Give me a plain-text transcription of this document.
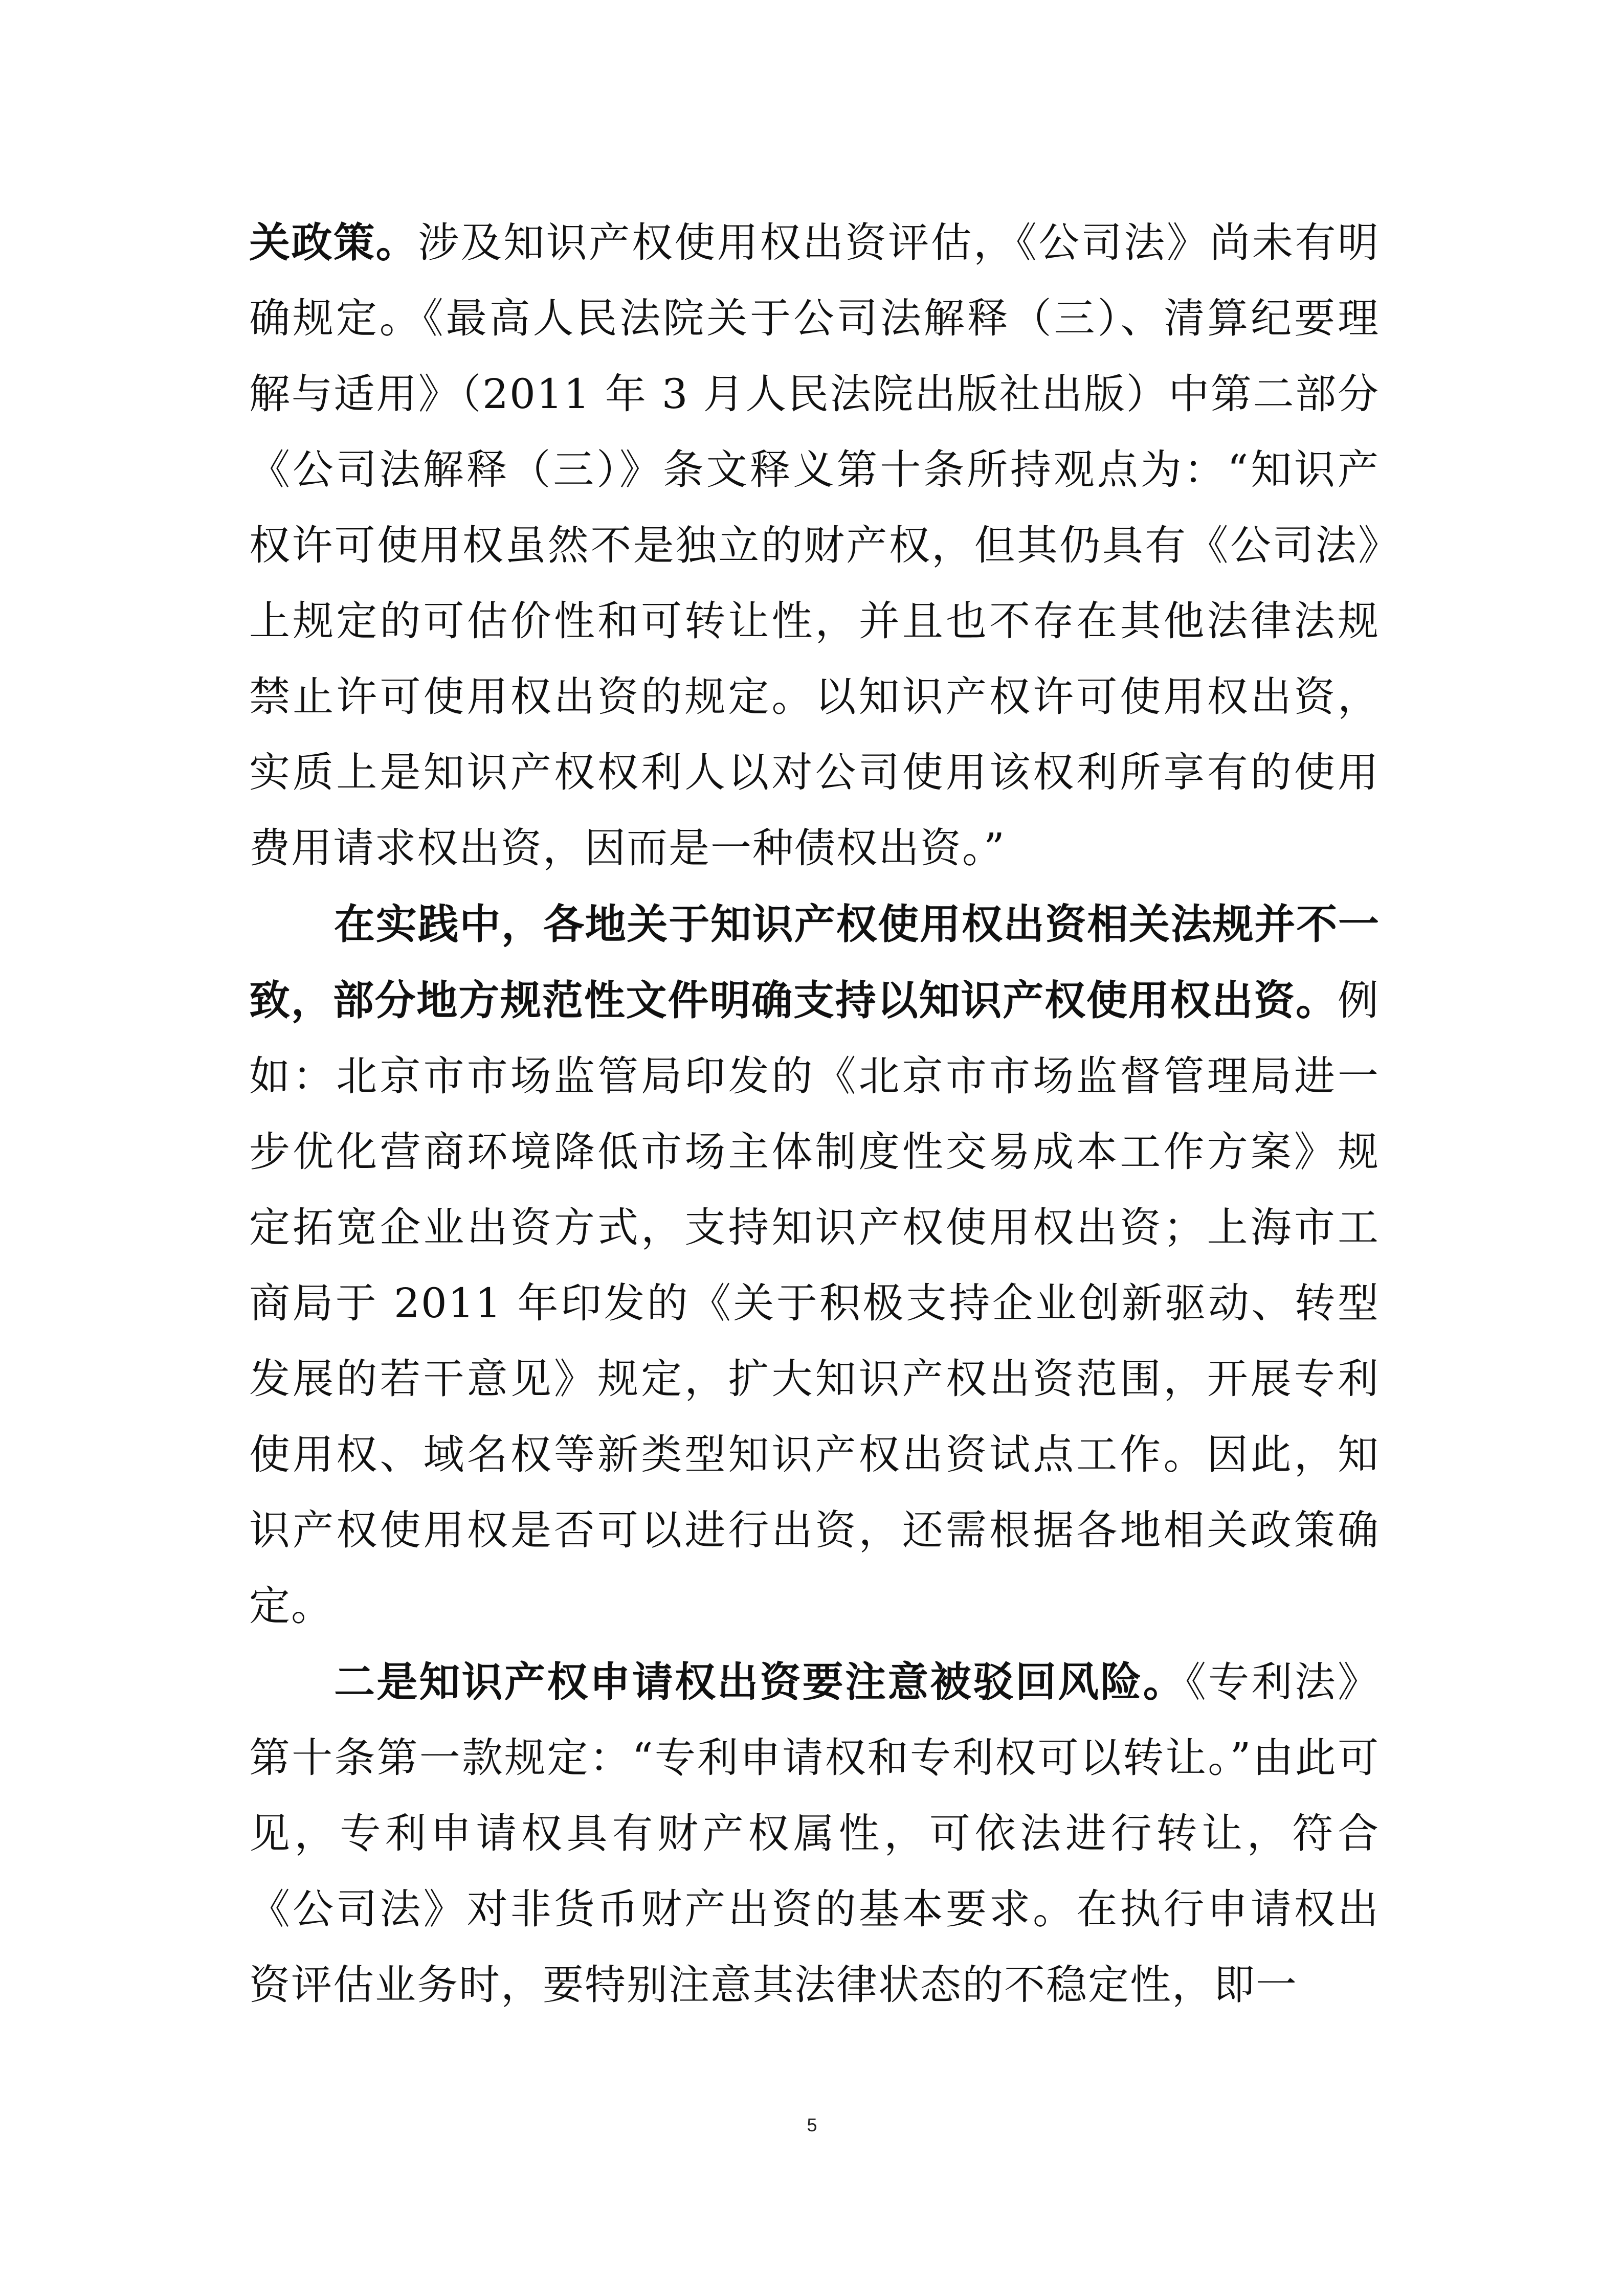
关政策。涉及知识产权使用权出资评估，《公司法》尚未有明确规定。《最高人民法院关于公司法解释（三）、清算纪要理解与适用》（2011 年 3 月人民法院出版社出版）中第二部分《公司法解释（三）》条文释义第十条所持观点为：“知识产权许可使用权虽然不是独立的财产权，但其仍具有《公司法》上规定的可估价性和可转让性，并且也不存在其他法律法规禁止许可使用权出资的规定。以知识产权许可使用权出资，实质上是知识产权权利人以对公司使用该权利所享有的使用费用请求权出资，因而是一种债权出资。”

在实践中，各地关于知识产权使用权出资相关法规并不一致，部分地方规范性文件明确支持以知识产权使用权出资。例如：北京市市场监管局印发的《北京市市场监督管理局进一步优化营商环境降低市场主体制度性交易成本工作方案》规定拓宽企业出资方式，支持知识产权使用权出资；上海市工商局于 2011 年印发的《关于积极支持企业创新驱动、转型发展的若干意见》规定，扩大知识产权出资范围，开展专利使用权、域名权等新类型知识产权出资试点工作。因此，知识产权使用权是否可以进行出资，还需根据各地相关政策确定。

二是知识产权申请权出资要注意被驳回风险。《专利法》第十条第一款规定：“专利申请权和专利权可以转让。”由此可见，专利申请权具有财产权属性，可依法进行转让，符合《公司法》对非货币财产出资的基本要求。在执行申请权出资评估业务时，要特别注意其法律状态的不稳定性，即一

5
